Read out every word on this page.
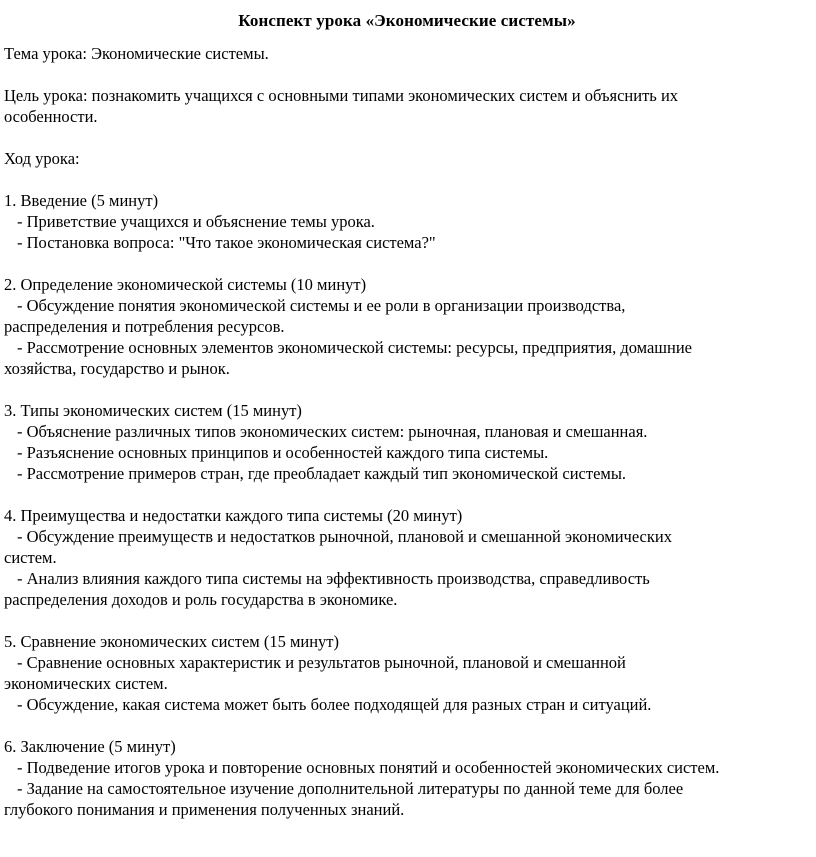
Конспект урока «Экономические системы»
Тема урока: Экономические системы.
Цель урока: познакомить учащихся с основными типами экономических систем и объяснить их
особенности.
Ход урока:
1. Введение (5 минут)
- Приветствие учащихся и объяснение темы урока.
- Постановка вопроса: "Что такое экономическая система?"
2. Определение экономической системы (10 минут)
- Обсуждение понятия экономической системы и ее роли в организации производства,
распределения и потребления ресурсов.
- Рассмотрение основных элементов экономической системы: ресурсы, предприятия, домашние
хозяйства, государство и рынок.
3. Типы экономических систем (15 минут)
- Объяснение различных типов экономических систем: рыночная, плановая и смешанная.
- Разъяснение основных принципов и особенностей каждого типа системы.
- Рассмотрение примеров стран, где преобладает каждый тип экономической системы.
4. Преимущества и недостатки каждого типа системы (20 минут)
- Обсуждение преимуществ и недостатков рыночной, плановой и смешанной экономических
систем.
- Анализ влияния каждого типа системы на эффективность производства, справедливость
распределения доходов и роль государства в экономике.
5. Сравнение экономических систем (15 минут)
- Сравнение основных характеристик и результатов рыночной, плановой и смешанной
экономических систем.
- Обсуждение, какая система может быть более подходящей для разных стран и ситуаций.
6. Заключение (5 минут)
- Подведение итогов урока и повторение основных понятий и особенностей экономических систем.
- Задание на самостоятельное изучение дополнительной литературы по данной теме для более
глубокого понимания и применения полученных знаний.
